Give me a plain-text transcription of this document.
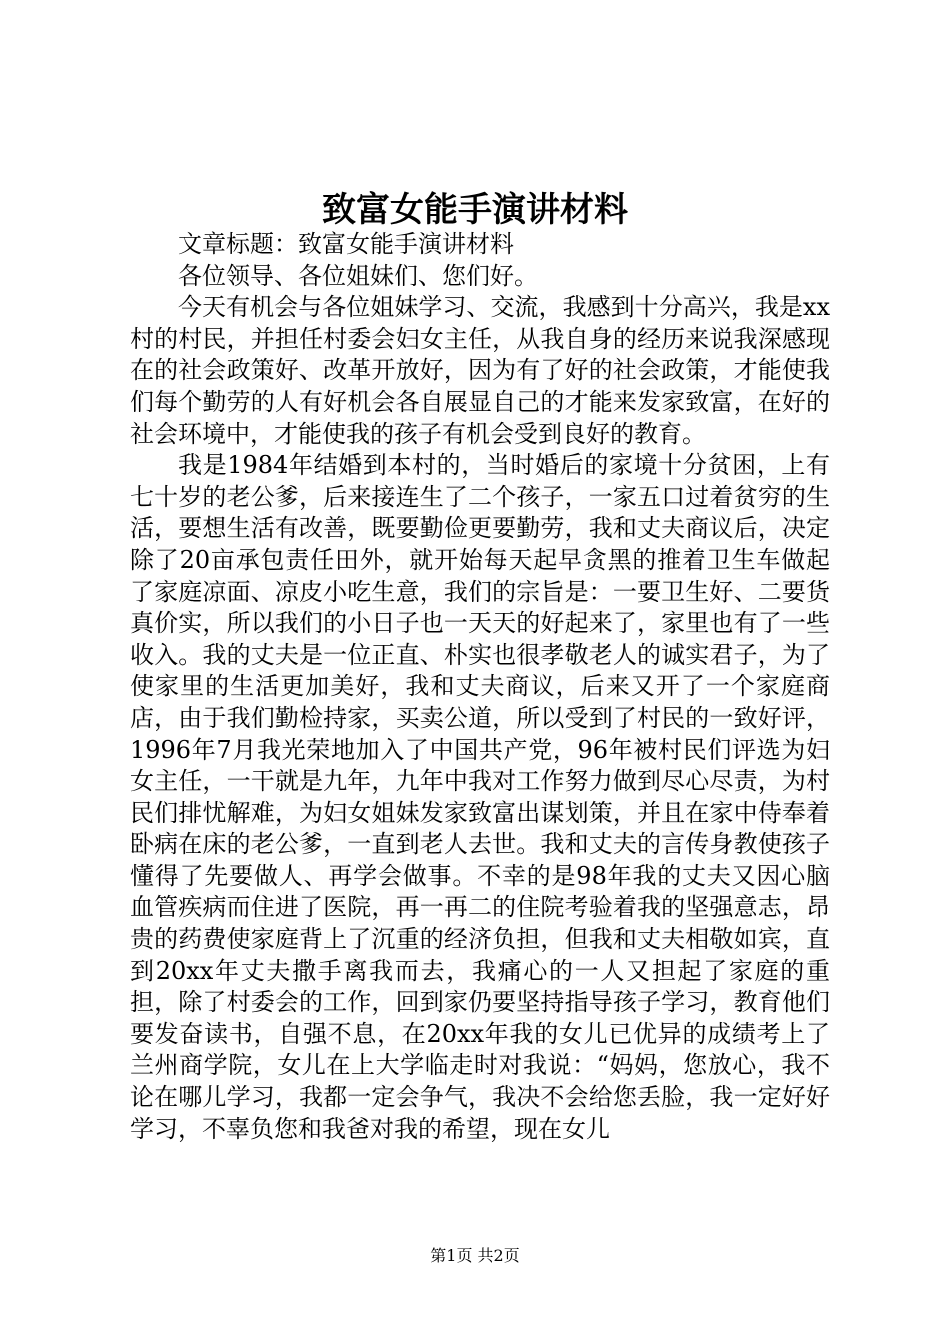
致富女能手演讲材料

文章标题：致富女能手演讲材料

各位领导、各位姐妹们、您们好。

今天有机会与各位姐妹学习、交流，我感到十分高兴，我是xx村的村民，并担任村委会妇女主任，从我自身的经历来说我深感现在的社会政策好、改革开放好，因为有了好的社会政策，才能使我们每个勤劳的人有好机会各自展显自己的才能来发家致富，在好的社会环境中，才能使我的孩子有机会受到良好的教育。

我是1984年结婚到本村的，当时婚后的家境十分贫困，上有七十岁的老公爹，后来接连生了二个孩子，一家五口过着贫穷的生活，要想生活有改善，既要勤俭更要勤劳，我和丈夫商议后，决定除了20亩承包责任田外，就开始每天起早贪黑的推着卫生车做起了家庭凉面、凉皮小吃生意，我们的宗旨是：一要卫生好、二要货真价实，所以我们的小日子也一天天的好起来了，家里也有了一些收入。我的丈夫是一位正直、朴实也很孝敬老人的诚实君子，为了使家里的生活更加美好，我和丈夫商议，后来又开了一个家庭商店，由于我们勤检持家，买卖公道，所以受到了村民的一致好评，1996年7月我光荣地加入了中国共产党，96年被村民们评选为妇女主任，一干就是九年，九年中我对工作努力做到尽心尽责，为村民们排忧解难，为妇女姐妹发家致富出谋划策，并且在家中侍奉着卧病在床的老公爹，一直到老人去世。我和丈夫的言传身教使孩子懂得了先要做人、再学会做事。不幸的是98年我的丈夫又因心脑血管疾病而住进了医院，再一再二的住院考验着我的坚强意志，昂贵的药费使家庭背上了沉重的经济负担，但我和丈夫相敬如宾，直到20xx年丈夫撒手离我而去，我痛心的一人又担起了家庭的重担，除了村委会的工作，回到家仍要坚持指导孩子学习，教育他们要发奋读书，自强不息，在20xx年我的女儿已优异的成绩考上了兰州商学院，女儿在上大学临走时对我说：“妈妈，您放心，我不论在哪儿学习，我都一定会争气，我决不会给您丢脸，我一定好好学习，不辜负您和我爸对我的希望，现在女儿

第1页 共2页
